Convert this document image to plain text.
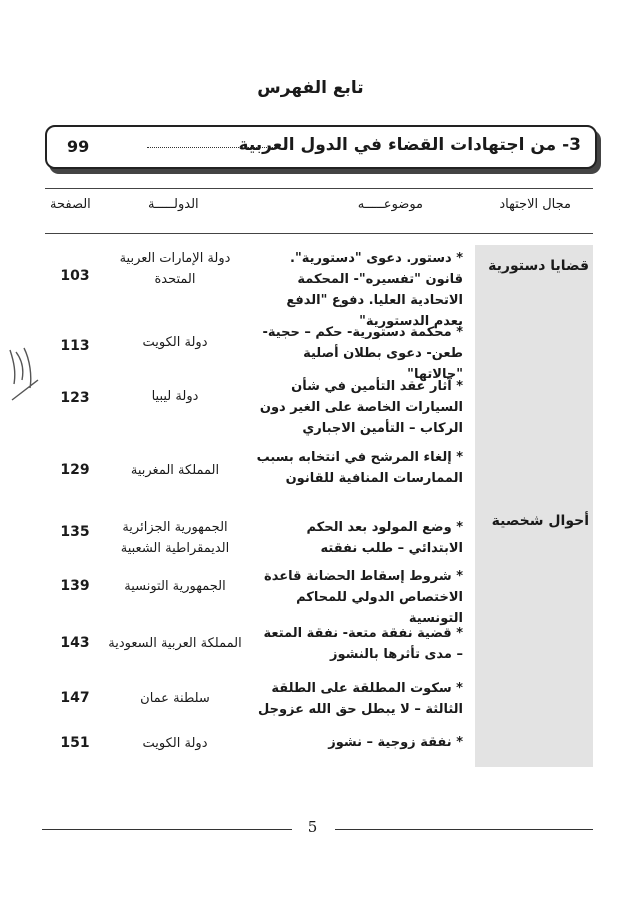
تابع الفهرس
3- من اجتهادات القضاء في الدول العربية
99
مجال الاجتهاد
موضوعـــــه
الدولـــــة
الصفحة
قضايا دستورية
أحوال شخصية
* دستور. دعوى "دستورية". قانون "تفسيره"- المحكمة الاتحادية العليا. دفوع "الدفع بعدم الدستورية"
دولة الإمارات العربية المتحدة
103
* محكمة دستورية- حكم – حجية- طعن- دعوى بطلان أصلية "حالاتها"
دولة الكويت
113
* آثار عقد التأمين في شأن السيارات الخاصة على الغير دون الركاب – التأمين الاجباري
دولة ليبيا
123
* إلغاء المرشح في انتخابه بسبب الممارسات المنافية للقانون
المملكة المغربية
129
* وضع المولود بعد الحكم الابتدائي – طلب نفقته
الجمهورية الجزائرية الديمقراطية الشعبية
135
* شروط إسقاط الحضانة قاعدة الاختصاص الدولي للمحاكم التونسية
الجمهورية التونسية
139
* قضية نفقة متعة- نفقة المتعة – مدى تأثرها بالنشوز
المملكة العربية السعودية
143
* سكوت المطلقة على الطلقة الثالثة – لا يبطل حق الله عزوجل
سلطنة عمان
147
* نفقة زوجية – نشوز
دولة الكويت
151
5
